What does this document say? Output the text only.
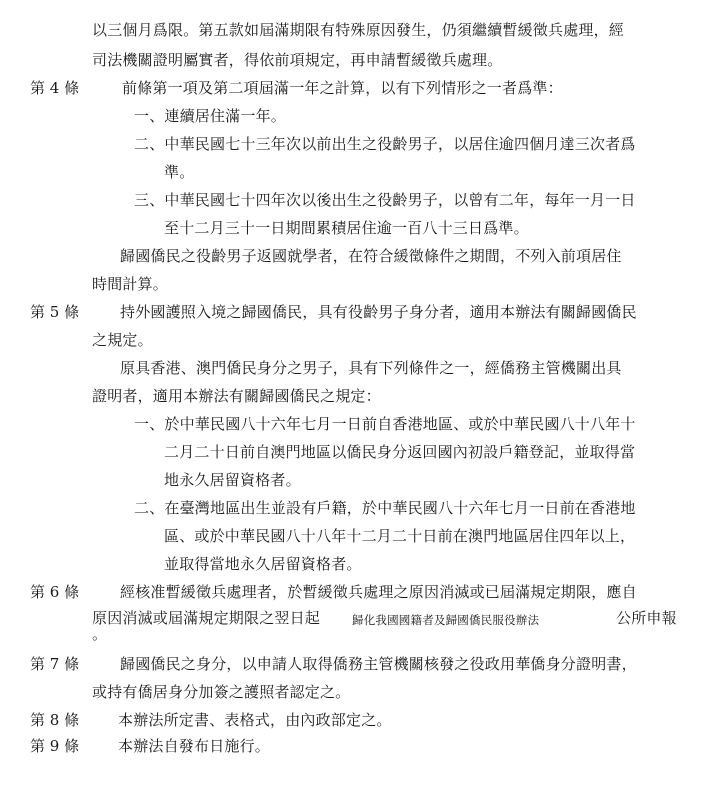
以三個月爲限。第五款如屆滿期限有特殊原因發生，仍須繼續暫緩徵兵處理，經
司法機關證明屬實者，得依前項規定，再申請暫緩徵兵處理。
第 4 條	前條第一項及第二項屆滿一年之計算，以有下列情形之一者爲準：
一、連續居住滿一年。
二、中華民國七十三年次以前出生之役齡男子，以居住逾四個月達三次者爲
準。
三、中華民國七十四年次以後出生之役齡男子，以曾有二年，每年一月一日
至十二月三十一日期間累積居住逾一百八十三日爲準。
歸國僑民之役齡男子返國就學者，在符合緩徵條件之期間，不列入前項居住
時間計算。
第 5 條	持外國護照入境之歸國僑民，具有役齡男子身分者，適用本辦法有關歸國僑民
之規定。
原具香港、澳門僑民身分之男子，具有下列條件之一，經僑務主管機關出具
證明者，適用本辦法有關歸國僑民之規定：
一、於中華民國八十六年七月一日前自香港地區、或於中華民國八十八年十
二月二十日前自澳門地區以僑民身分返回國內初設戶籍登記，並取得當
地永久居留資格者。
二、在臺灣地區出生並設有戶籍，於中華民國八十六年七月一日前在香港地
區、或於中華民國八十八年十二月二十日前在澳門地區居住四年以上，
並取得當地永久居留資格者。
第 6 條	經核准暫緩徵兵處理者，於暫緩徵兵處理之原因消滅或已屆滿規定期限，應自
原因消滅或屆滿規定期限之翌日起	歸化我國國籍者及歸國僑民服役辦法	公所申報
。
第 7 條	歸國僑民之身分，以申請人取得僑務主管機關核發之役政用華僑身分證明書，
或持有僑居身分加簽之護照者認定之。
第 8 條	本辦法所定書、表格式，由內政部定之。
第 9 條	本辦法自發布日施行。
